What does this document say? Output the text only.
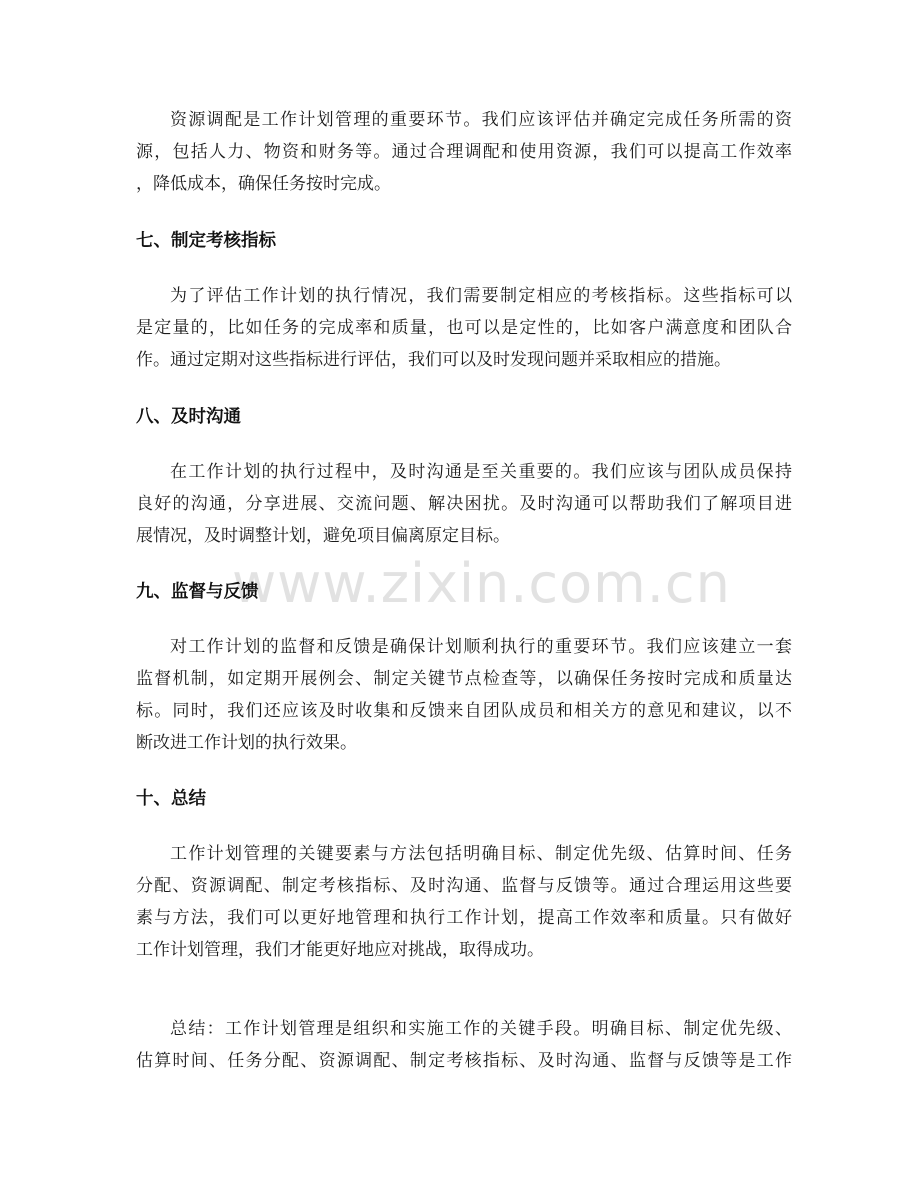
www.zixin.com.cn
资源调配是工作计划管理的重要环节。我们应该评估并确定完成任务所需的资
源，包括人力、物资和财务等。通过合理调配和使用资源，我们可以提高工作效率
，降低成本，确保任务按时完成。
七、制定考核指标
为了评估工作计划的执行情况，我们需要制定相应的考核指标。这些指标可以
是定量的，比如任务的完成率和质量，也可以是定性的，比如客户满意度和团队合
作。通过定期对这些指标进行评估，我们可以及时发现问题并采取相应的措施。
八、及时沟通
在工作计划的执行过程中，及时沟通是至关重要的。我们应该与团队成员保持
良好的沟通，分享进展、交流问题、解决困扰。及时沟通可以帮助我们了解项目进
展情况，及时调整计划，避免项目偏离原定目标。
九、监督与反馈
对工作计划的监督和反馈是确保计划顺利执行的重要环节。我们应该建立一套
监督机制，如定期开展例会、制定关键节点检查等，以确保任务按时完成和质量达
标。同时，我们还应该及时收集和反馈来自团队成员和相关方的意见和建议，以不
断改进工作计划的执行效果。
十、总结
工作计划管理的关键要素与方法包括明确目标、制定优先级、估算时间、任务
分配、资源调配、制定考核指标、及时沟通、监督与反馈等。通过合理运用这些要
素与方法，我们可以更好地管理和执行工作计划，提高工作效率和质量。只有做好
工作计划管理，我们才能更好地应对挑战，取得成功。
总结：工作计划管理是组织和实施工作的关键手段。明确目标、制定优先级、
估算时间、任务分配、资源调配、制定考核指标、及时沟通、监督与反馈等是工作
